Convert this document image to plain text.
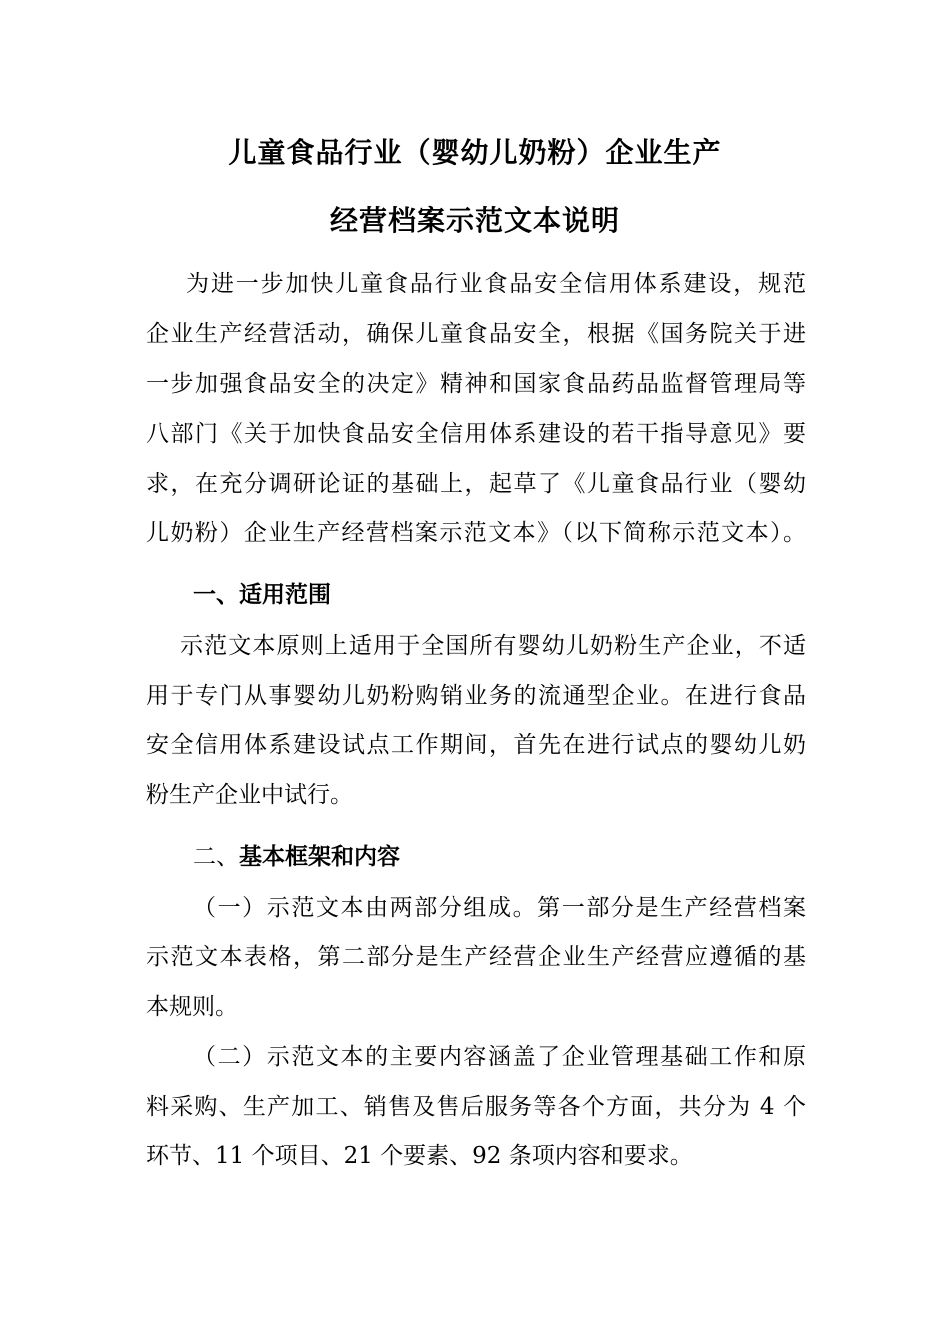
儿童食品行业（婴幼儿奶粉）企业生产
经营档案示范文本说明
为进一步加快儿童食品行业食品安全信用体系建设，规范
企业生产经营活动，确保儿童食品安全，根据《国务院关于进
一步加强食品安全的决定》精神和国家食品药品监督管理局等
八部门《关于加快食品安全信用体系建设的若干指导意见》要
求，在充分调研论证的基础上，起草了《儿童食品行业（婴幼
儿奶粉）企业生产经营档案示范文本》（以下简称示范文本）。
一、适用范围
示范文本原则上适用于全国所有婴幼儿奶粉生产企业，不适
用于专门从事婴幼儿奶粉购销业务的流通型企业。在进行食品
安全信用体系建设试点工作期间，首先在进行试点的婴幼儿奶
粉生产企业中试行。
二、基本框架和内容
（一）示范文本由两部分组成。第一部分是生产经营档案
示范文本表格，第二部分是生产经营企业生产经营应遵循的基
本规则。
（二）示范文本的主要内容涵盖了企业管理基础工作和原
料采购、生产加工、销售及售后服务等各个方面，共分为 4 个
环节、11 个项目、21 个要素、92 条项内容和要求。
